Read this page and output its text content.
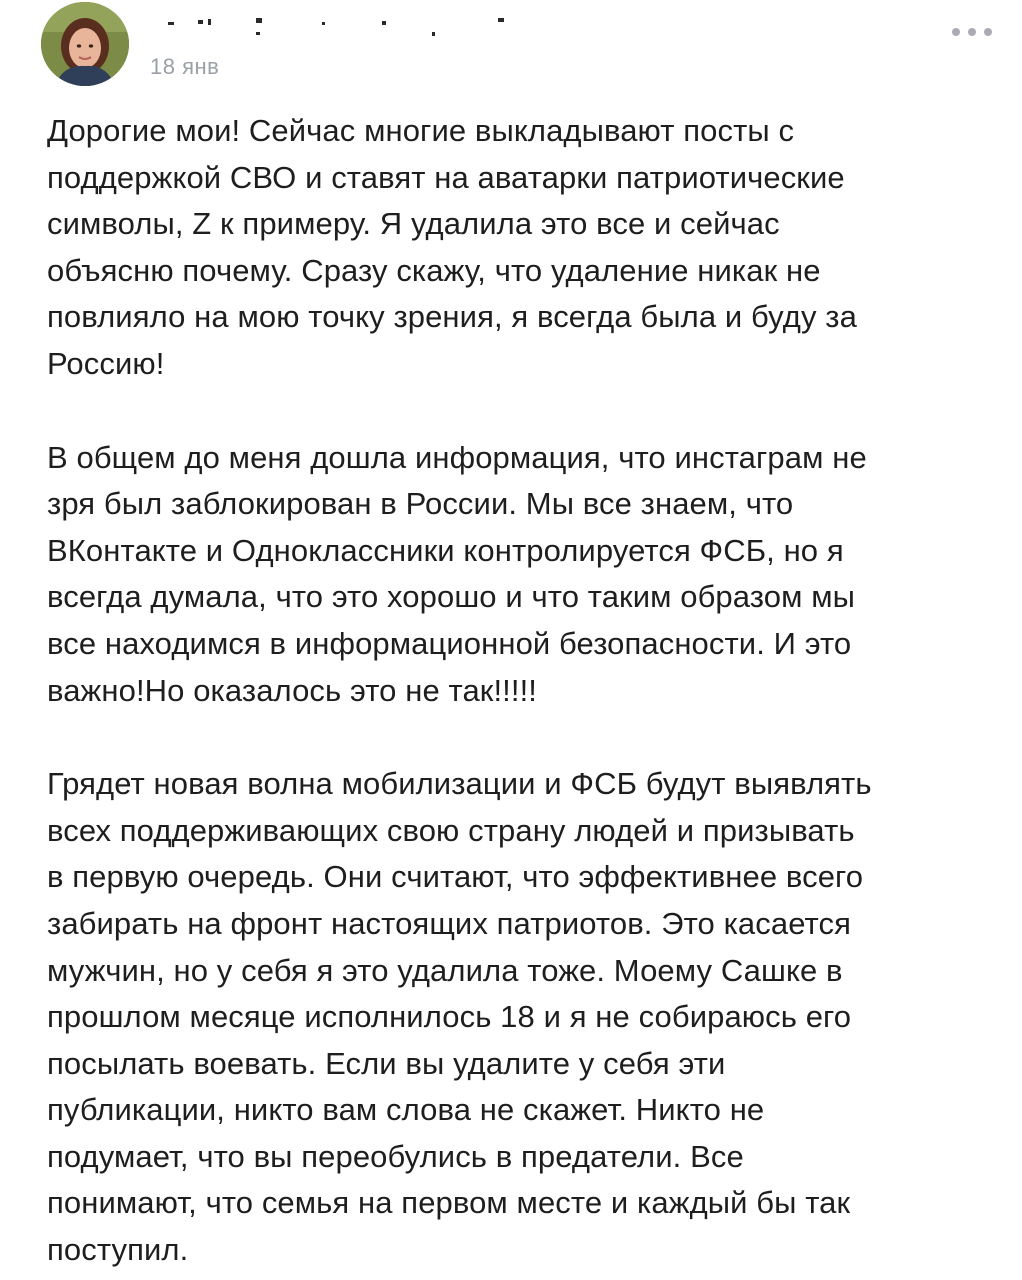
18 янв

Дорогие мои! Сейчас многие выкладывают посты с
поддержкой СВО и ставят на аватарки патриотические
символы, Z к примеру. Я удалила это все и сейчас
объясню почему. Сразу скажу, что удаление никак не
повлияло на мою точку зрения, я всегда была и буду за
Россию!

В общем до меня дошла информация, что инстаграм не
зря был заблокирован в России. Мы все знаем, что
ВКонтакте и Одноклассники контролируется ФСБ, но я
всегда думала, что это хорошо и что таким образом мы
все находимся в информационной безопасности. И это
важно!Но оказалось это не так!!!!!

Грядет новая волна мобилизации и ФСБ будут выявлять
всех поддерживающих свою страну людей и призывать
в первую очередь. Они считают, что эффективнее всего
забирать на фронт настоящих патриотов. Это касается
мужчин, но у себя я это удалила тоже. Моему Сашке в
прошлом месяце исполнилось 18 и я не собираюсь его
посылать воевать. Если вы удалите у себя эти
публикации, никто вам слова не скажет. Никто не
подумает, что вы переобулись в предатели. Все
понимают, что семья на первом месте и каждый бы так
поступил.
